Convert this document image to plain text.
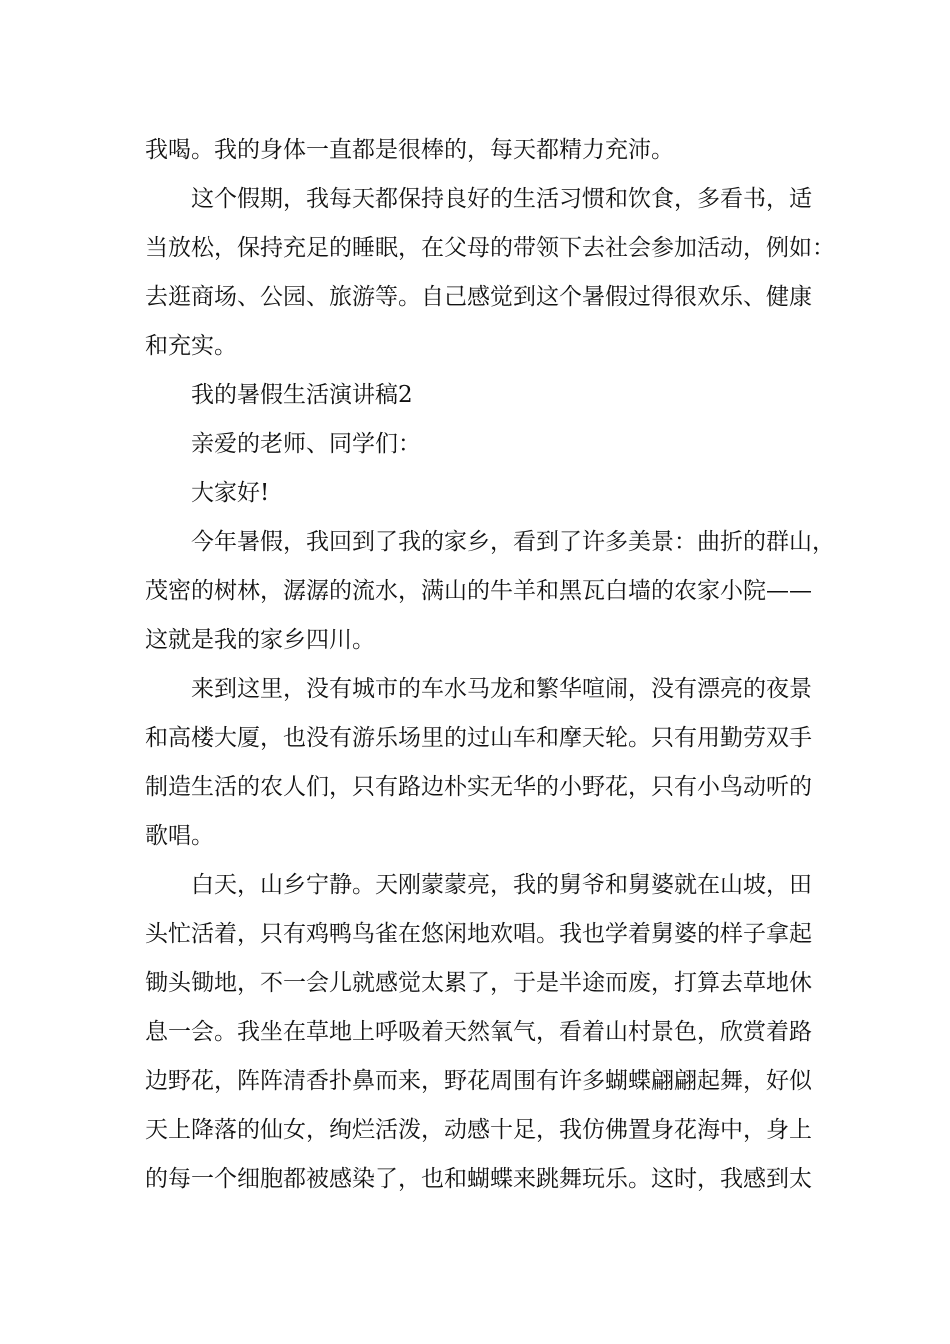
我喝。我的身体一直都是很棒的，每天都精力充沛。
这个假期，我每天都保持良好的生活习惯和饮食，多看书，适
当放松，保持充足的睡眠，在父母的带领下去社会参加活动，例如：
去逛商场、公园、旅游等。自己感觉到这个暑假过得很欢乐、健康
和充实。
我的暑假生活演讲稿2
亲爱的老师、同学们：
大家好!
今年暑假，我回到了我的家乡，看到了许多美景：曲折的群山，
茂密的树林，潺潺的流水，满山的牛羊和黑瓦白墙的农家小院——
这就是我的家乡四川。
来到这里，没有城市的车水马龙和繁华喧闹，没有漂亮的夜景
和高楼大厦，也没有游乐场里的过山车和摩天轮。只有用勤劳双手
制造生活的农人们，只有路边朴实无华的小野花，只有小鸟动听的
歌唱。
白天，山乡宁静。天刚蒙蒙亮，我的舅爷和舅婆就在山坡，田
头忙活着，只有鸡鸭鸟雀在悠闲地欢唱。我也学着舅婆的样子拿起
锄头锄地，不一会儿就感觉太累了，于是半途而废，打算去草地休
息一会。我坐在草地上呼吸着天然氧气，看着山村景色，欣赏着路
边野花，阵阵清香扑鼻而来，野花周围有许多蝴蝶翩翩起舞，好似
天上降落的仙女，绚烂活泼，动感十足，我仿佛置身花海中，身上
的每一个细胞都被感染了，也和蝴蝶来跳舞玩乐。这时，我感到太
